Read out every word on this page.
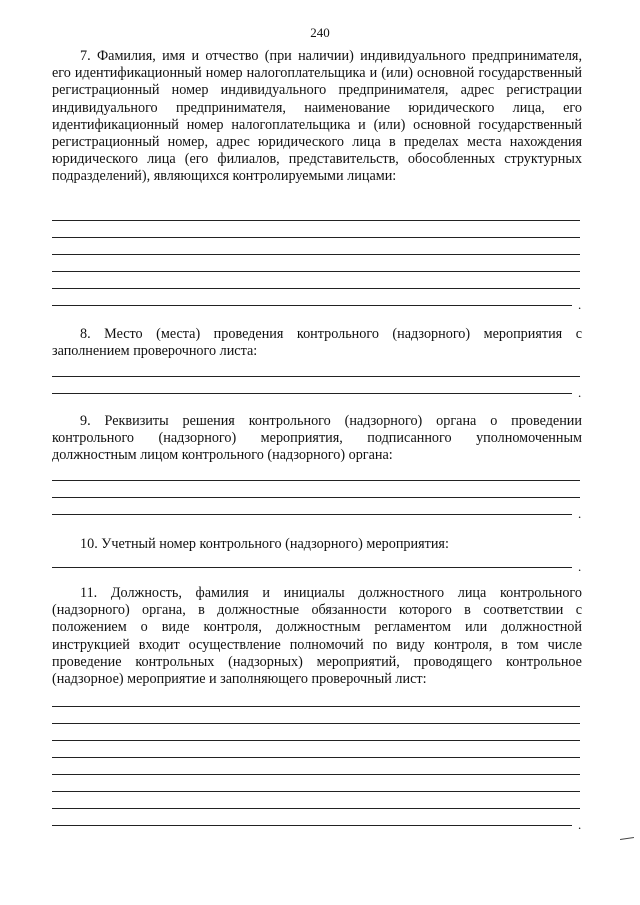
240

7. Фамилия, имя и отчество (при наличии) индивидуального предпринимателя, его идентификационный номер налогоплательщика и (или) основной государственный регистрационный номер индивидуального предпринимателя, адрес регистрации индивидуального предпринимателя, наименование юридического лица, его идентификационный номер налогоплательщика и (или) основной государственный регистрационный номер, адрес юридического лица в пределах места нахождения юридического лица (его филиалов, представительств, обособленных структурных подразделений), являющихся контролируемыми лицами:

.

8. Место (места) проведения контрольного (надзорного) мероприятия с заполнением проверочного листа:

.

9. Реквизиты решения контрольного (надзорного) органа о проведении контрольного (надзорного) мероприятия, подписанного уполномоченным должностным лицом контрольного (надзорного) органа:

.

10. Учетный номер контрольного (надзорного) мероприятия:

.

11. Должность, фамилия и инициалы должностного лица контрольного (надзорного) органа, в должностные обязанности которого в соответствии с положением о виде контроля, должностным регламентом или должностной инструкцией входит осуществление полномочий по виду контроля, в том числе проведение контрольных (надзорных) мероприятий, проводящего контрольное (надзорное) мероприятие и заполняющего проверочный лист:

.
